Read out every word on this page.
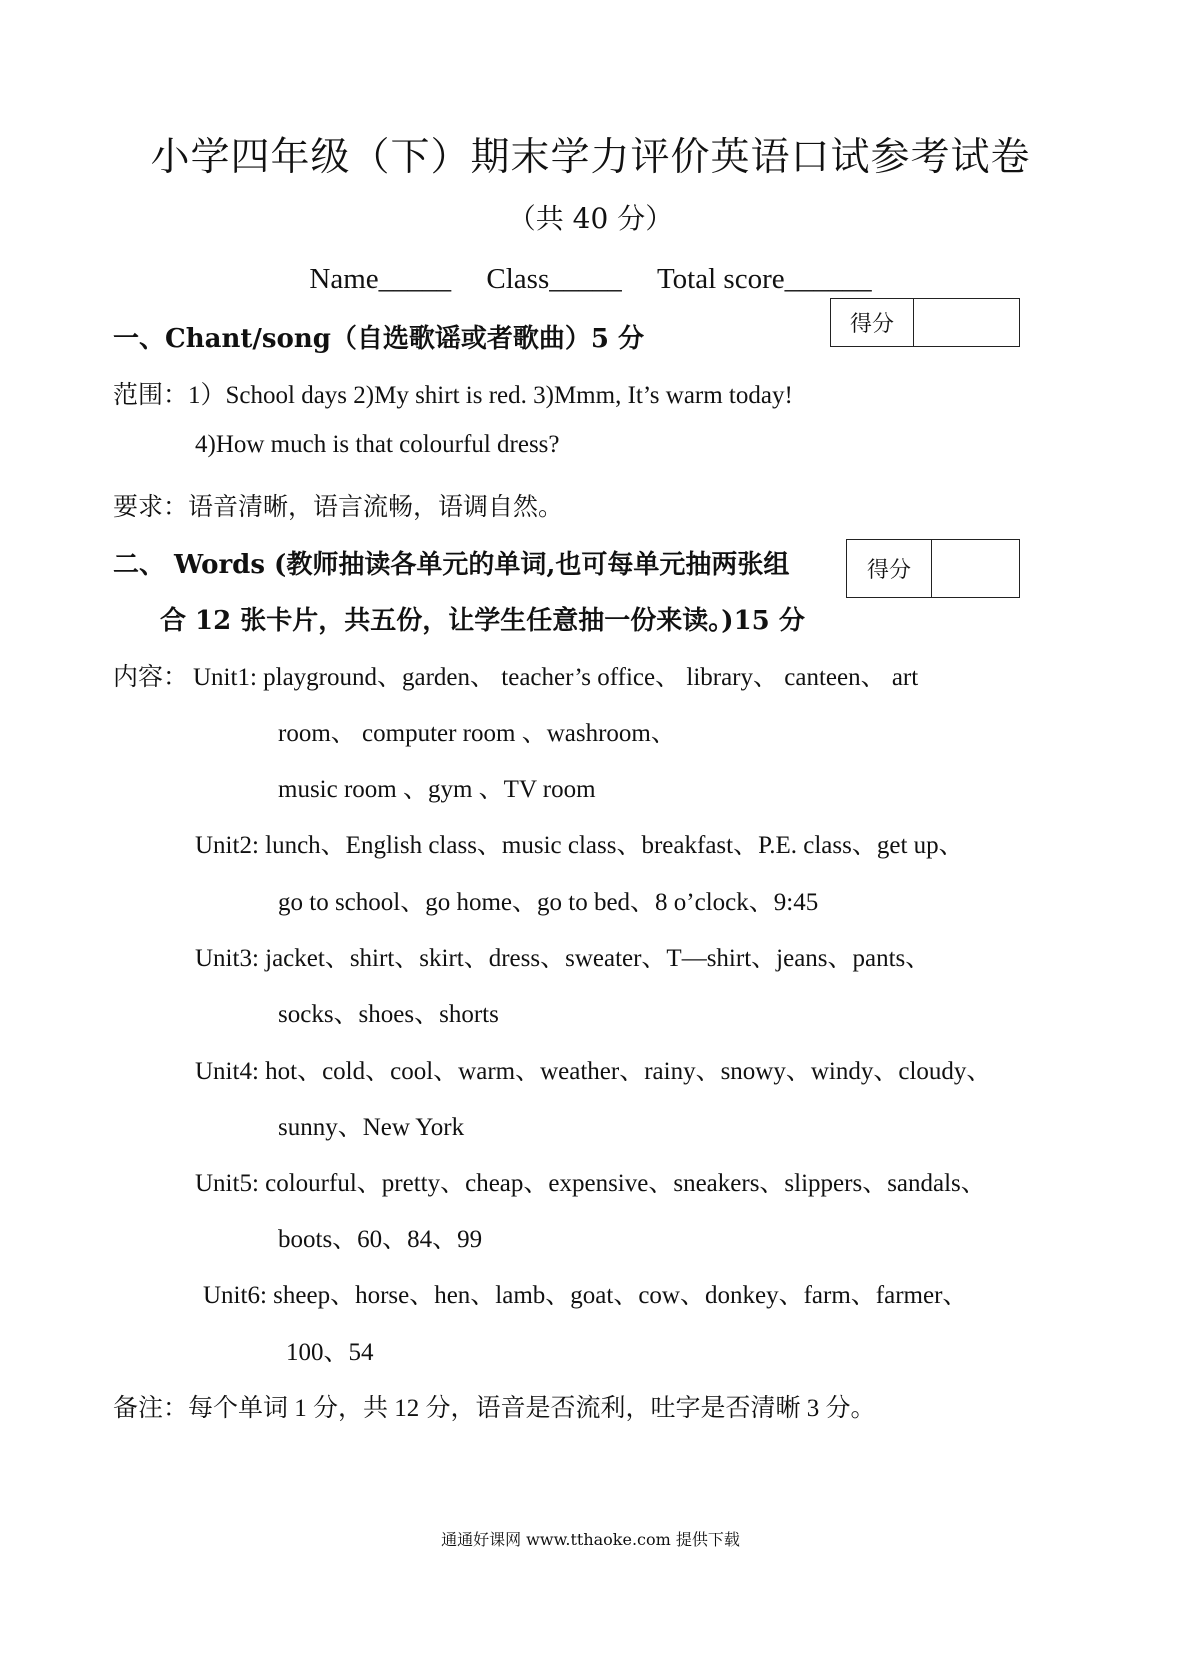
小学四年级（下）期末学力评价英语口试参考试卷
（共 40 分）
Name_____ Class_____ Total score______
一、Chant/song（自选歌谣或者歌曲）5 分	得分
范围：1）School days 2)My shirt is red. 3)Mmm, It’s warm today!
4)How much is that colourful dress?
要求：语音清晰，语言流畅，语调自然。
二、 Words (教师抽读各单元的单词,也可每单元抽两张组
合 12 张卡片，共五份，让学生任意抽一份来读。)15 分
得分
内容： Unit1: playground、garden、 teacher’s office、 library、 canteen、 art
room、 computer room 、washroom、
music room 、gym 、TV room
Unit2: lunch、English class、music class、breakfast、P.E. class、get up、
go to school、go home、go to bed、8 o’clock、9:45
Unit3: jacket、shirt、skirt、dress、sweater、T—shirt、jeans、pants、
socks、shoes、shorts
Unit4: hot、cold、cool、warm、weather、rainy、snowy、windy、cloudy、
sunny、New York
Unit5: colourful、pretty、cheap、expensive、sneakers、slippers、sandals、
boots、60、84、99
Unit6: sheep、horse、hen、lamb、goat、cow、donkey、farm、farmer、
100、54
备注：每个单词 1 分，共 12 分，语音是否流利，吐字是否清晰 3 分。
通通好课网 www.tthaoke.com 提供下载
